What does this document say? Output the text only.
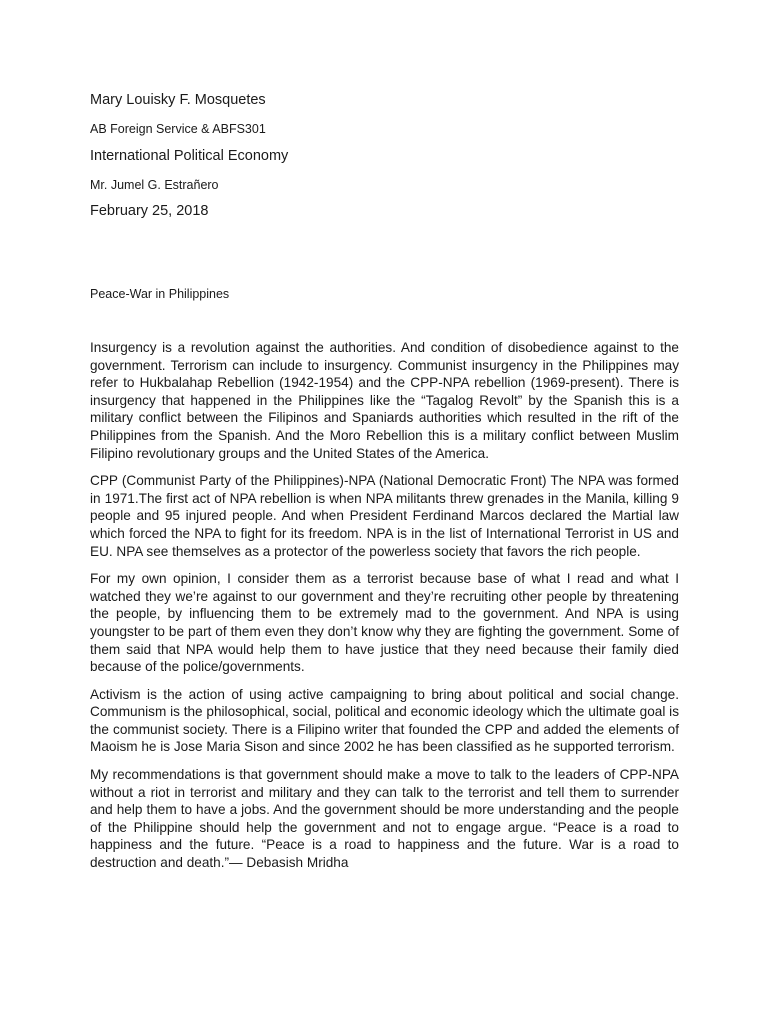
Mary Louisky F. Mosquetes

AB Foreign Service & ABFS301

International Political Economy

Mr. Jumel G. Estrañero

February 25, 2018

Peace-War in Philippines

Insurgency is a revolution against the authorities. And condition of disobedience against to the government. Terrorism can include to insurgency. Communist insurgency in the Philippines may refer to Hukbalahap Rebellion (1942-1954) and the CPP-NPA rebellion (1969-present). There is insurgency that happened in the Philippines like the “Tagalog Revolt” by the Spanish this is a military conflict between the Filipinos and Spaniards authorities which resulted in the rift of the Philippines from the Spanish. And the Moro Rebellion this is a military conflict between Muslim Filipino revolutionary groups and the United States of the America.

CPP (Communist Party of the Philippines)-NPA (National Democratic Front) The NPA was formed in 1971.The first act of NPA rebellion is when NPA militants threw grenades in the Manila, killing 9 people and 95 injured people. And when President Ferdinand Marcos declared the Martial law which forced the NPA to fight for its freedom. NPA is in the list of International Terrorist in US and EU. NPA see themselves as a protector of the powerless society that favors the rich people.

For my own opinion, I consider them as a terrorist because base of what I read and what I watched they we’re against to our government and they’re recruiting other people by threatening the people, by influencing them to be extremely mad to the government. And NPA is using youngster to be part of them even they don’t know why they are fighting the government. Some of them said that NPA would help them to have justice that they need because their family died because of the police/governments.

Activism is the action of using active campaigning to bring about political and social change. Communism is the philosophical, social, political and economic ideology which the ultimate goal is the communist society. There is a Filipino writer that founded the CPP and added the elements of Maoism he is Jose Maria Sison and since 2002 he has been classified as he supported terrorism.

My recommendations is that government should make a move to talk to the leaders of CPP-NPA without a riot in terrorist and military and they can talk to the terrorist and tell them to surrender and help them to have a jobs. And the government should be more understanding and the people of the Philippine should help the government and not to engage argue. “Peace is a road to happiness and the future. “Peace is a road to happiness and the future. War is a road to destruction and death.”— Debasish Mridha
